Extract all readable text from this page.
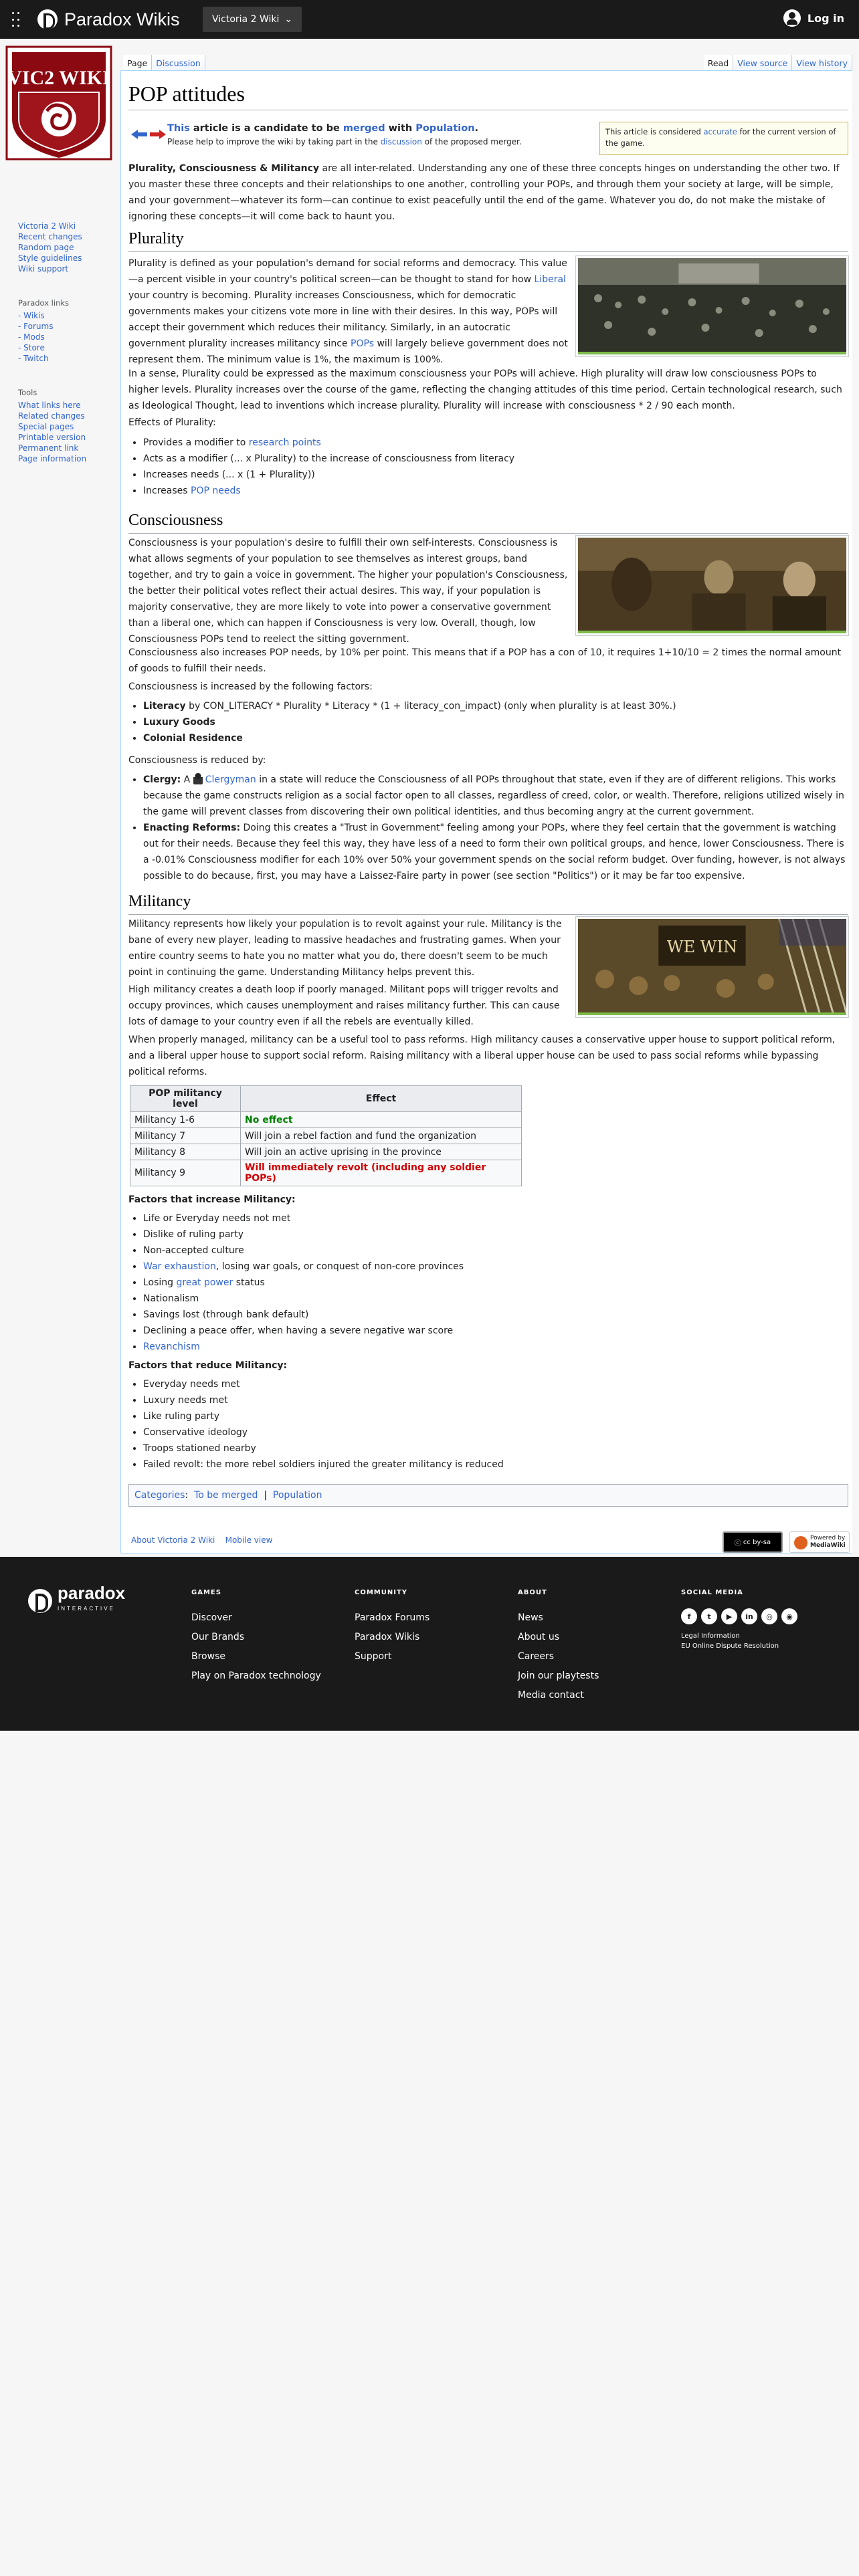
Paradox Wikis	Victoria 2 Wiki ⌄	Log in
VIC2 WIKI
Victoria 2 Wiki
Recent changes
Random page
Style guidelines
Wiki support
Paradox links
- Wikis
- Forums
- Mods
- Store
- Twitch
Tools
What links here
Related changes
Special pages
Printable version
Permanent link
Page information
Page	Discussion	Read	View source	View history
POP attitudes
This article is a candidate to be merged with Population.
Please help to improve the wiki by taking part in the discussion of the proposed merger.
This article is considered accurate for the current version of the game.

Plurality, Consciousness & Militancy are all inter-related. Understanding any one of these three concepts hinges on understanding the other two. If you master these three concepts and their relationships to one another, controlling your POPs, and through them your society at large, will be simple, and your government—whatever its form—can continue to exist peacefully until the end of the game. Whatever you do, do not make the mistake of ignoring these concepts—it will come back to haunt you.

Plurality

Plurality is defined as your population's demand for social reforms and democracy. This value—a percent visible in your country's political screen—can be thought to stand for how Liberal your country is becoming. Plurality increases Consciousness, which for democratic governments makes your citizens vote more in line with their desires. In this way, POPs will accept their government which reduces their militancy. Similarly, in an autocratic government plurality increases militancy since POPs will largely believe government does not represent them. The minimum value is 1%, the maximum is 100%.

In a sense, Plurality could be expressed as the maximum consciousness your POPs will achieve. High plurality will draw low consciousness POPs to higher levels. Plurality increases over the course of the game, reflecting the changing attitudes of this time period. Certain technological research, such as Ideological Thought, lead to inventions which increase plurality. Plurality will increase with consciousness * 2 / 90 each month.

Effects of Plurality:

• Provides a modifier to research points
• Acts as a modifier (... x Plurality) to the increase of consciousness from literacy
• Increases needs (... x (1 + Plurality))
• Increases POP needs
Consciousness

Consciousness is your population's desire to fulfill their own self-interests. Consciousness is what allows segments of your population to see themselves as interest groups, band together, and try to gain a voice in government. The higher your population's Consciousness, the better their political votes reflect their actual desires. This way, if your population is majority conservative, they are more likely to vote into power a conservative government than a liberal one, which can happen if Consciousness is very low. Overall, though, low Consciousness POPs tend to reelect the sitting government.

Consciousness also increases POP needs, by 10% per point. This means that if a POP has a con of 10, it requires 1+10/10 = 2 times the normal amount of goods to fulfill their needs.

Consciousness is increased by the following factors:

• Literacy by CON_LITERACY * Plurality * Literacy * (1 + literacy_con_impact) (only when plurality is at least 30%.)
• Luxury Goods
• Colonial Residence

Consciousness is reduced by:

• Clergy: A Clergyman in a state will reduce the Consciousness of all POPs throughout that state, even if they are of different religions. This works because the game constructs religion as a social factor open to all classes, regardless of creed, color, or wealth. Therefore, religions utilized wisely in the game will prevent classes from discovering their own political identities, and thus becoming angry at the current government.
• Enacting Reforms: Doing this creates a "Trust in Government" feeling among your POPs, where they feel certain that the government is watching out for their needs. Because they feel this way, they have less of a need to form their own political groups, and hence, lower Consciousness. There is a -0.01% Consciousness modifier for each 10% over 50% your government spends on the social reform budget. Over funding, however, is not always possible to do because, first, you may have a Laissez-Faire party in power (see section "Politics") or it may be far too expensive.
Militancy
WE WIN

Militancy represents how likely your population is to revolt against your rule. Militancy is the bane of every new player, leading to massive headaches and frustrating games. When your entire country seems to hate you no matter what you do, there doesn't seem to be much point in continuing the game. Understanding Militancy helps prevent this.

High militancy creates a death loop if poorly managed. Militant pops will trigger revolts and occupy provinces, which causes unemployment and raises militancy further. This can cause lots of damage to your country even if all the rebels are eventually killed.

When properly managed, militancy can be a useful tool to pass reforms. High militancy causes a conservative upper house to support political reform, and a liberal upper house to support social reform. Raising militancy with a liberal upper house can be used to pass social reforms while bypassing political reforms.

POP militancy level	Effect
Militancy 1-6	No effect
Militancy 7	Will join a rebel faction and fund the organization
Militancy 8	Will join an active uprising in the province
Militancy 9	Will immediately revolt (including any soldier POPs)

Factors that increase Militancy:

• Life or Everyday needs not met
• Dislike of ruling party
• Non-accepted culture
• War exhaustion, losing war goals, or conquest of non-core provinces
• Losing great power status
• Nationalism
• Savings lost (through bank default)
• Declining a peace offer, when having a severe negative war score
• Revanchism

Factors that reduce Militancy:

• Everyday needs met
• Luxury needs met
• Like ruling party
• Conservative ideology
• Troops stationed nearby
• Failed revolt: the more rebel soldiers injured the greater militancy is reduced
Categories:  To be merged  |  Population
About Victoria 2 Wiki Mobile view	ⓒ cc by-sa
Powered by
MediaWiki
paradox
INTERACTIVE
GAMES
Discover
Our Brands
Browse
Play on Paradox technology
COMMUNITY
Paradox Forums
Paradox Wikis
Support
ABOUT
News
About us
Careers
Join our playtests
Media contact
SOCIAL MEDIA
f	t	▶	in	◎	◉
Legal Information
EU Online Dispute Resolution
